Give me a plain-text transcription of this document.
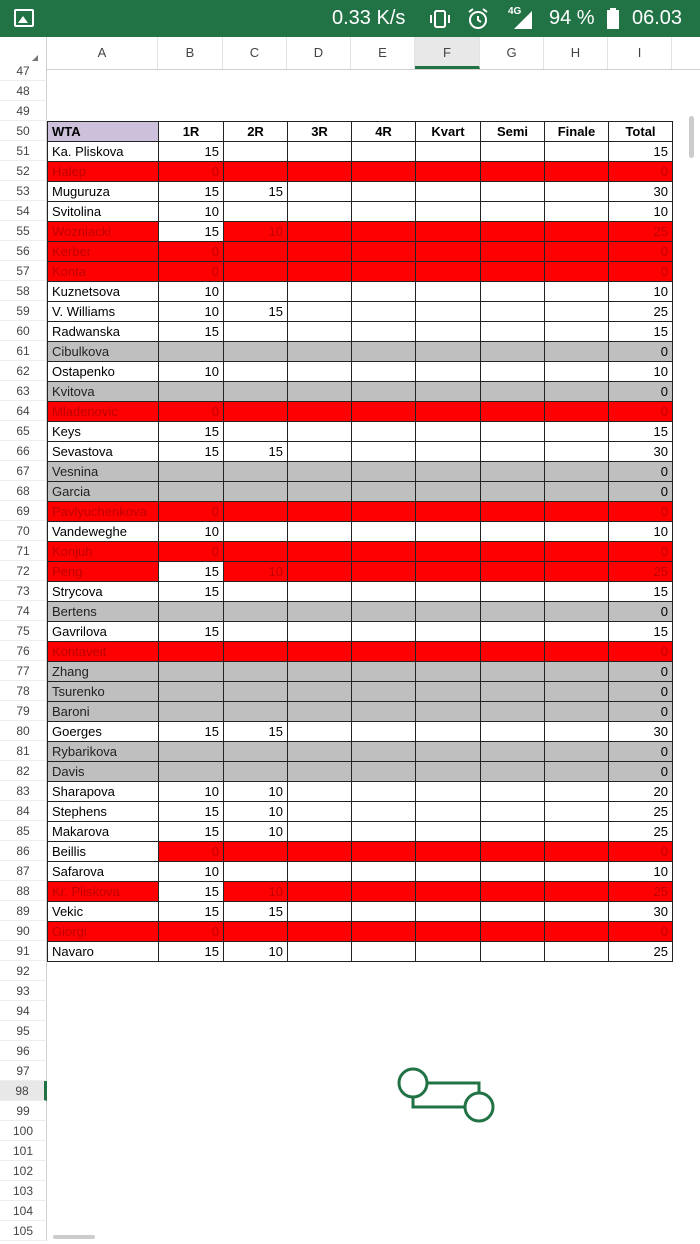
0.33 K/s	4G 94 % 06.03
A	B	C	D	E	F	G	H	I
47
48
49
50
51
52
53
54
55
56
57
58
59
60
61
62
63
64
65
66
67
68
69
70
71
72
73
74
75
76
77
78
79
80
81
82
83
84
85
86
87
88
89
90
91
92
93
94
95
96
97
98
99
100
101
102
103
104
105
WTA	1R	2R	3R	4R	Kvart	Semi	Finale	Total
Ka. Pliskova	15							15
Halep	0							0
Muguruza	15	15						30
Svitolina	10							10
Wozniacki	15	10						25
Kerber	0							0
Konta	0							0
Kuznetsova	10							10
V. Williams	10	15						25
Radwanska	15							15
Cibulkova								0
Ostapenko	10							10
Kvitova								0
Mladenovic	0							0
Keys	15							15
Sevastova	15	15						30
Vesnina								0
Garcia								0
Pavlyuchenkova	0							0
Vandeweghe	10							10
Konjuh	0							0
Peng	15	10						25
Strycova	15							15
Bertens								0
Gavrilova	15							15
Kontaveit								0
Zhang								0
Tsurenko								0
Baroni								0
Goerges	15	15						30
Rybarikova								0
Davis								0
Sharapova	10	10						20
Stephens	15	10						25
Makarova	15	10						25
Beillis	0							0
Safarova	10							10
Kr. Pliskova	15	10						25
Vekic	15	15						30
Giorgi	0							0
Navaro	15	10						25
